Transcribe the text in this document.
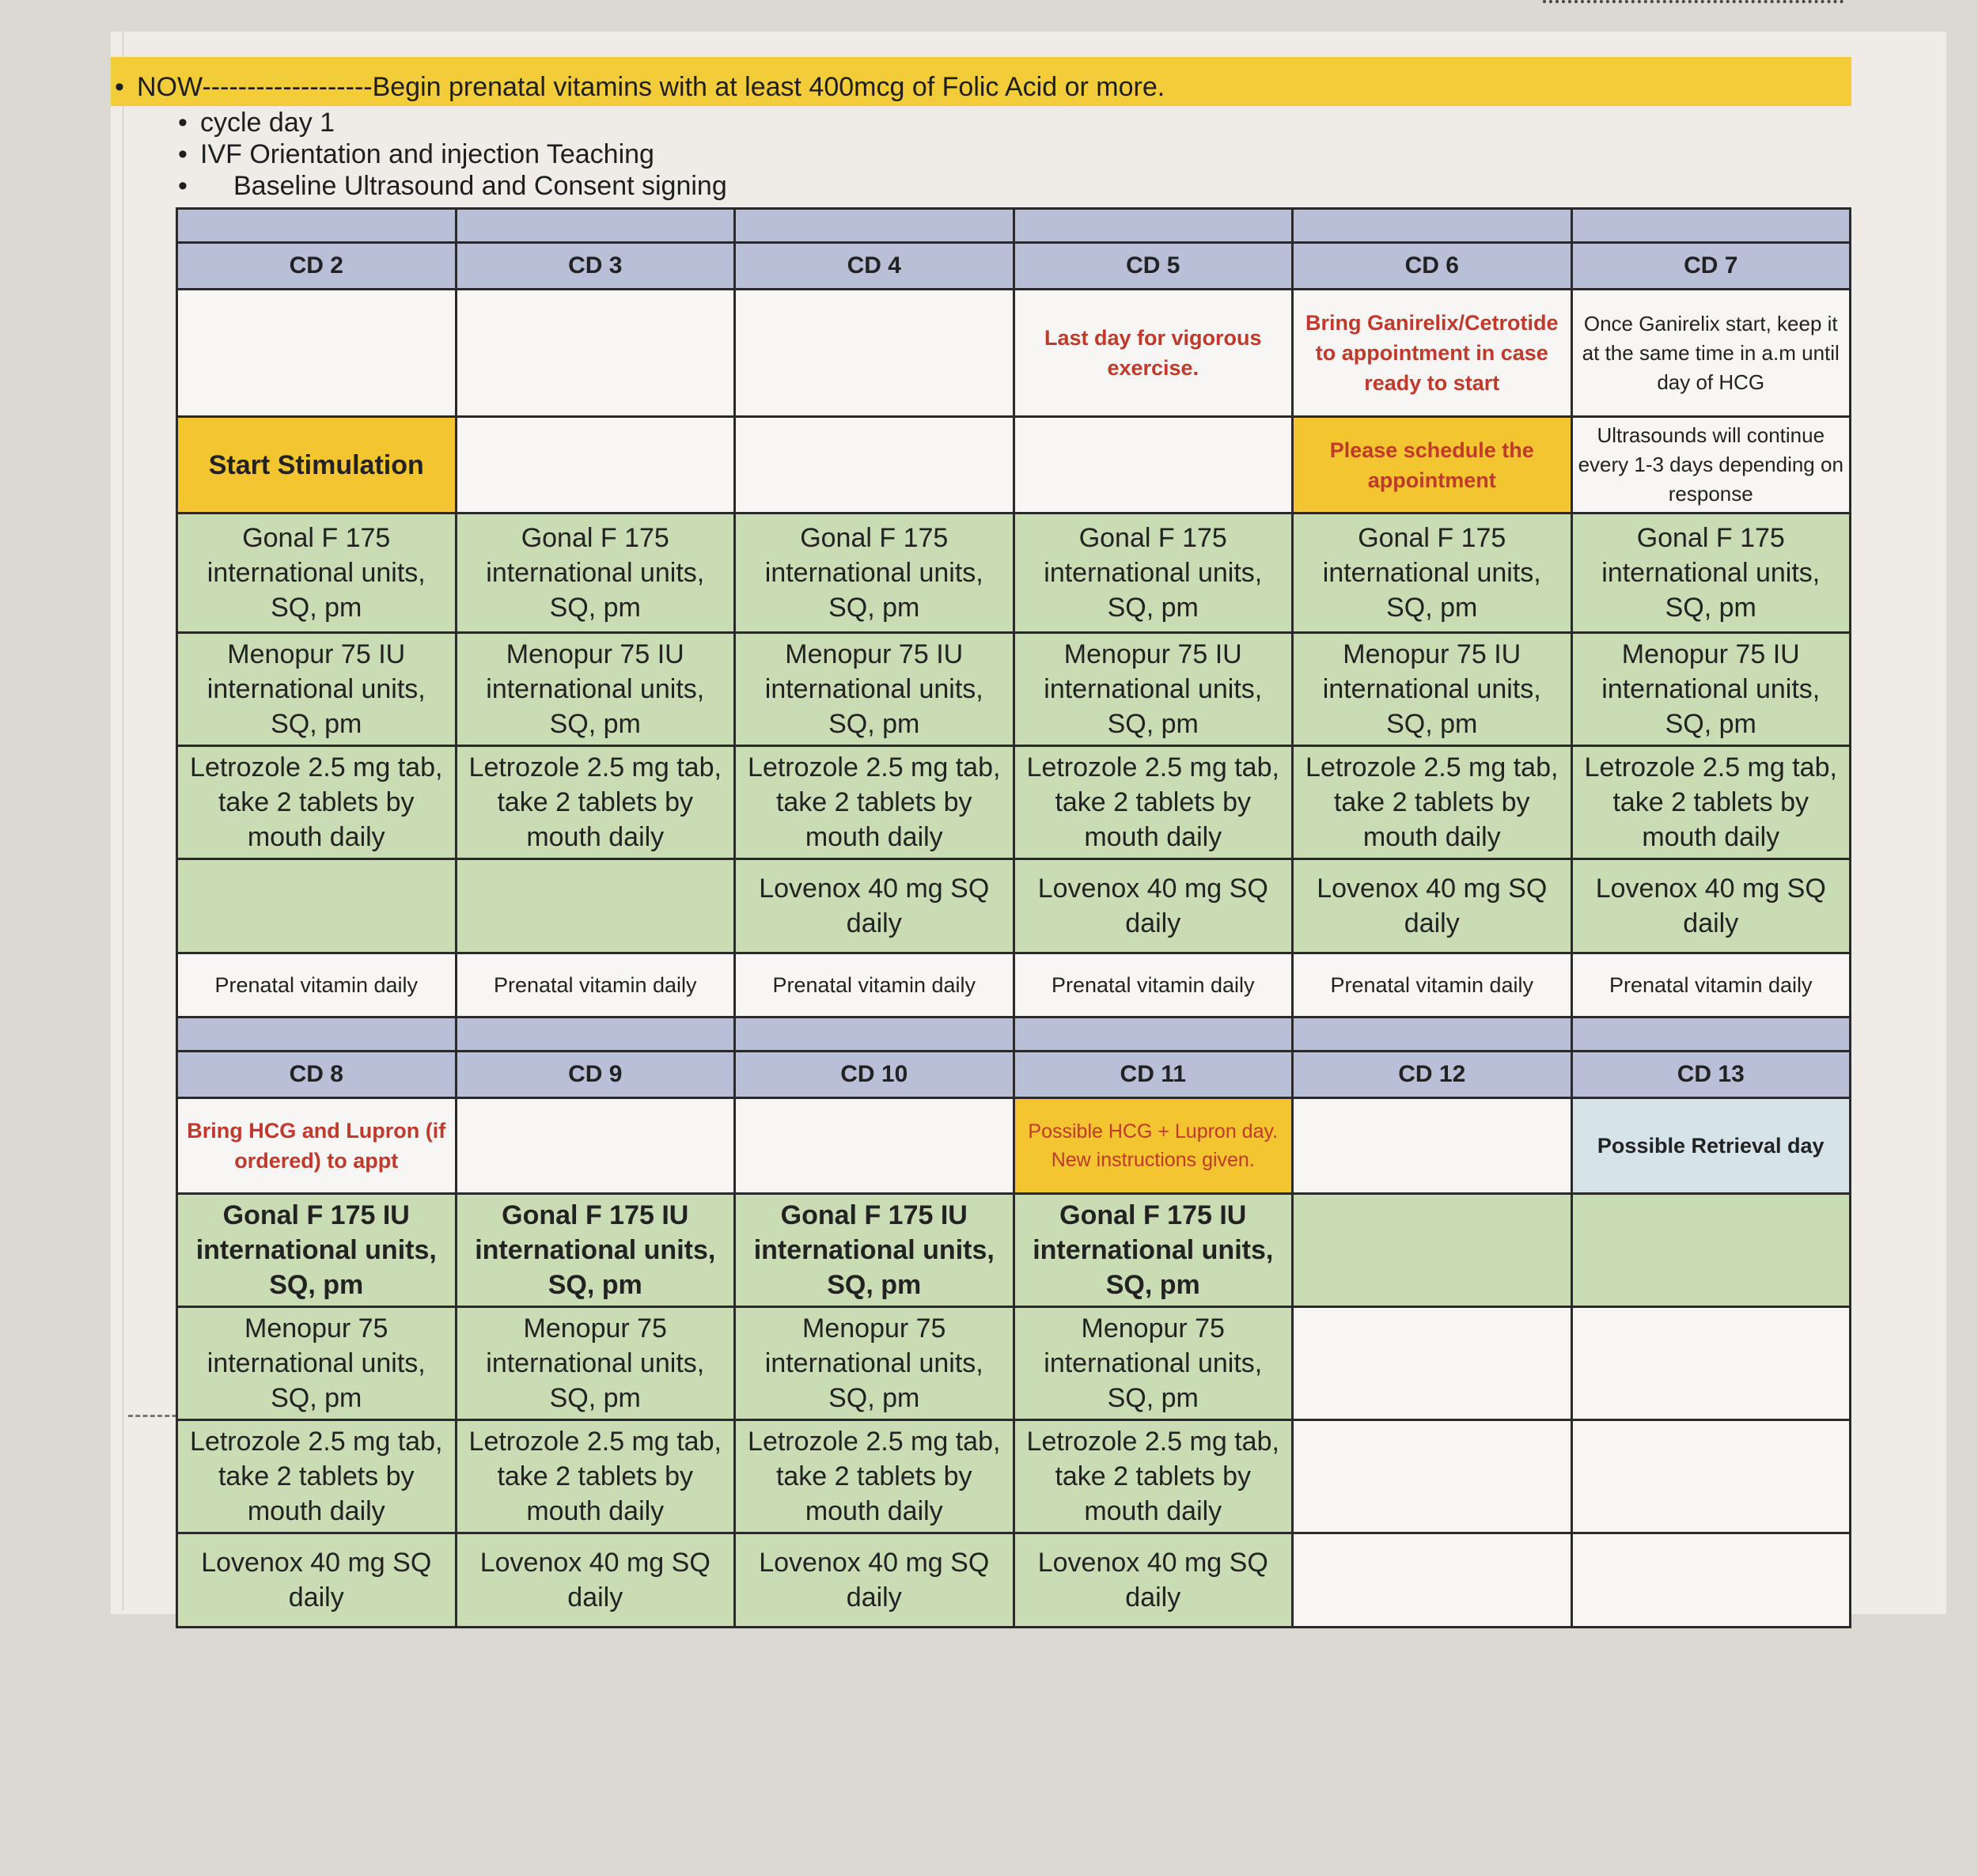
• NOW-------------------Begin prenatal vitamins with at least 400mcg of Folic Acid or more.
• cycle day 1
• IVF Orientation and injection Teaching
• Baseline Ultrasound and Consent signing

CD 2	CD 3	CD 4	CD 5	CD 6	CD 7
			Last day for vigorous exercise.	Bring Ganirelix/Cetrotide to appointment in case ready to start	Once Ganirelix start, keep it at the same time in a.m until day of HCG
Start Stimulation				Please schedule the appointment	Ultrasounds will continue every 1-3 days depending on response
Gonal F 175 international units, SQ, pm	Gonal F 175 international units, SQ, pm	Gonal F 175 international units, SQ, pm	Gonal F 175 international units, SQ, pm	Gonal F 175 international units, SQ, pm	Gonal F 175 international units, SQ, pm
Menopur 75 IU international units, SQ, pm	Menopur 75 IU international units, SQ, pm	Menopur 75 IU international units, SQ, pm	Menopur 75 IU international units, SQ, pm	Menopur 75 IU international units, SQ, pm	Menopur 75 IU international units, SQ, pm
Letrozole 2.5 mg tab, take 2 tablets by mouth daily	Letrozole 2.5 mg tab, take 2 tablets by mouth daily	Letrozole 2.5 mg tab, take 2 tablets by mouth daily	Letrozole 2.5 mg tab, take 2 tablets by mouth daily	Letrozole 2.5 mg tab, take 2 tablets by mouth daily	Letrozole 2.5 mg tab, take 2 tablets by mouth daily
		Lovenox 40 mg SQ daily	Lovenox 40 mg SQ daily	Lovenox 40 mg SQ daily	Lovenox 40 mg SQ daily
Prenatal vitamin daily	Prenatal vitamin daily	Prenatal vitamin daily	Prenatal vitamin daily	Prenatal vitamin daily	Prenatal vitamin daily

CD 8	CD 9	CD 10	CD 11	CD 12	CD 13
Bring HCG and Lupron (if ordered) to appt			Possible HCG + Lupron day. New instructions given.		Possible Retrieval day
Gonal F 175 IU international units, SQ, pm	Gonal F 175 IU international units, SQ, pm	Gonal F 175 IU international units, SQ, pm	Gonal F 175 IU international units, SQ, pm		
Menopur 75 international units, SQ, pm	Menopur 75 international units, SQ, pm	Menopur 75 international units, SQ, pm	Menopur 75 international units, SQ, pm		
Letrozole 2.5 mg tab, take 2 tablets by mouth daily	Letrozole 2.5 mg tab, take 2 tablets by mouth daily	Letrozole 2.5 mg tab, take 2 tablets by mouth daily	Letrozole 2.5 mg tab, take 2 tablets by mouth daily		
Lovenox 40 mg SQ daily	Lovenox 40 mg SQ daily	Lovenox 40 mg SQ daily	Lovenox 40 mg SQ daily		
